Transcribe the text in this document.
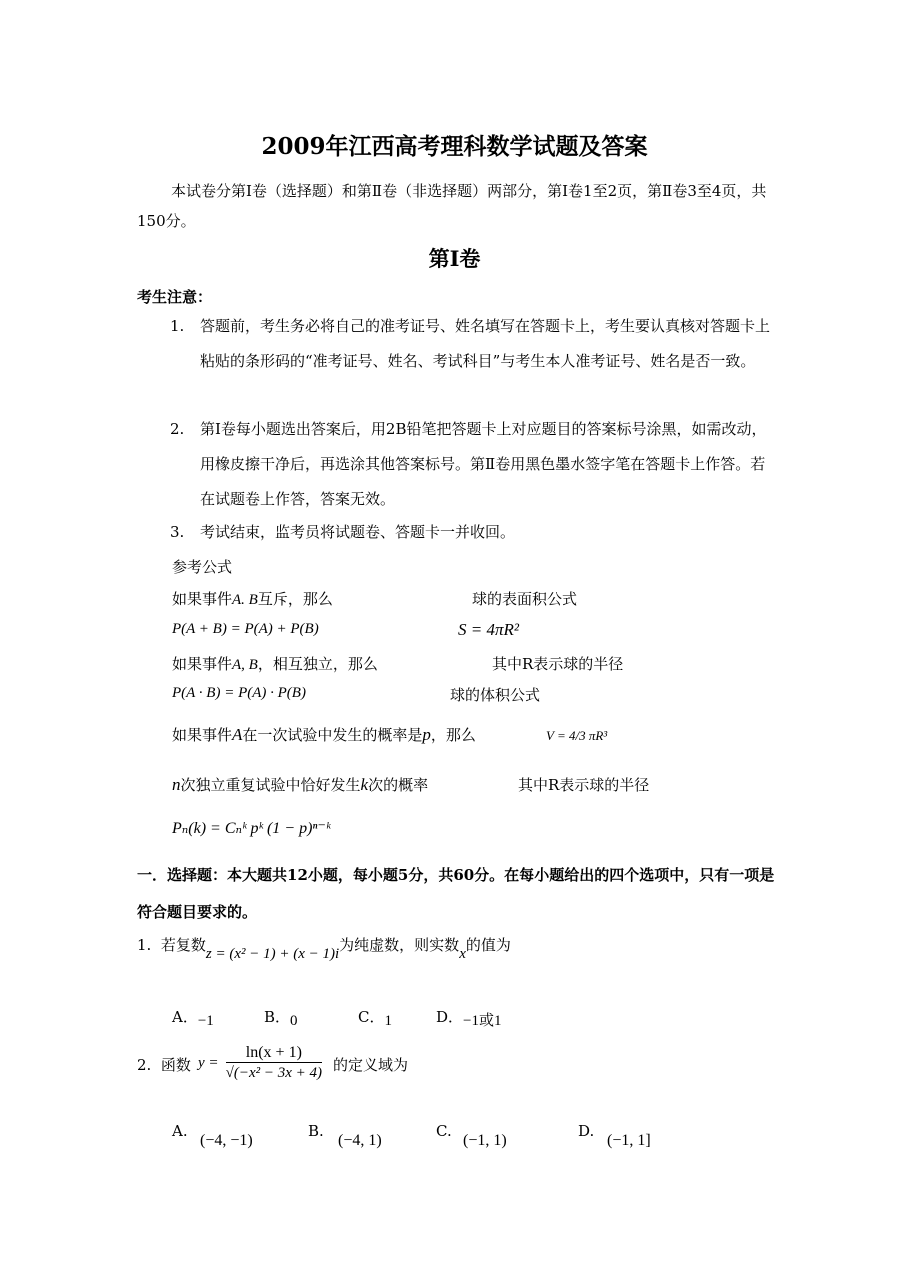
2009年江西高考理科数学试题及答案
本试卷分第Ⅰ卷（选择题）和第Ⅱ卷（非选择题）两部分，第Ⅰ卷1至2页，第Ⅱ卷3至4页，共150分。
第I卷
考生注意：
1. 答题前，考生务必将自己的准考证号、姓名填写在答题卡上，考生要认真核对答题卡上粘贴的条形码的“准考证号、姓名、考试科目”与考生本人准考证号、姓名是否一致。
2. 第I卷每小题选出答案后，用2B铅笔把答题卡上对应题目的答案标号涂黑，如需改动，用橡皮擦干净后，再选涂其他答案标号。第Ⅱ卷用黑色墨水签字笔在答题卡上作答。若在试题卷上作答，答案无效。
3. 考试结束，监考员将试题卷、答题卡一并收回。
参考公式
如果事件A. B互斥，那么	球的表面积公式
P(A + B) = P(A) + P(B)	S = 4πR²
如果事件A, B，相互独立，那么	其中R表示球的半径
P(A · B) = P(A) · P(B)	球的体积公式
如果事件A在一次试验中发生的概率是p，那么	V = 4/3 πR³
n次独立重复试验中恰好发生k次的概率	其中R表示球的半径
Pₙ(k) = Cₙᵏ pᵏ (1 − p)ⁿ⁻ᵏ
一．选择题：本大题共12小题，每小题5分，共60分。在每小题给出的四个选项中，只有一项是符合题目要求的。
1. 若复数z = (x² − 1) + (x − 1)i为纯虚数，则实数x的值为
A．−1	B．0	C．1	D．−1或1
2. 函数 $y = \frac{\ln(x + 1)}{\text{√(−x² − 3x + 4)}}$ 的定义域为
A.
(−4, −1)
B.
(−4, 1)
C.
(−1, 1)
D.
(−1, 1]
